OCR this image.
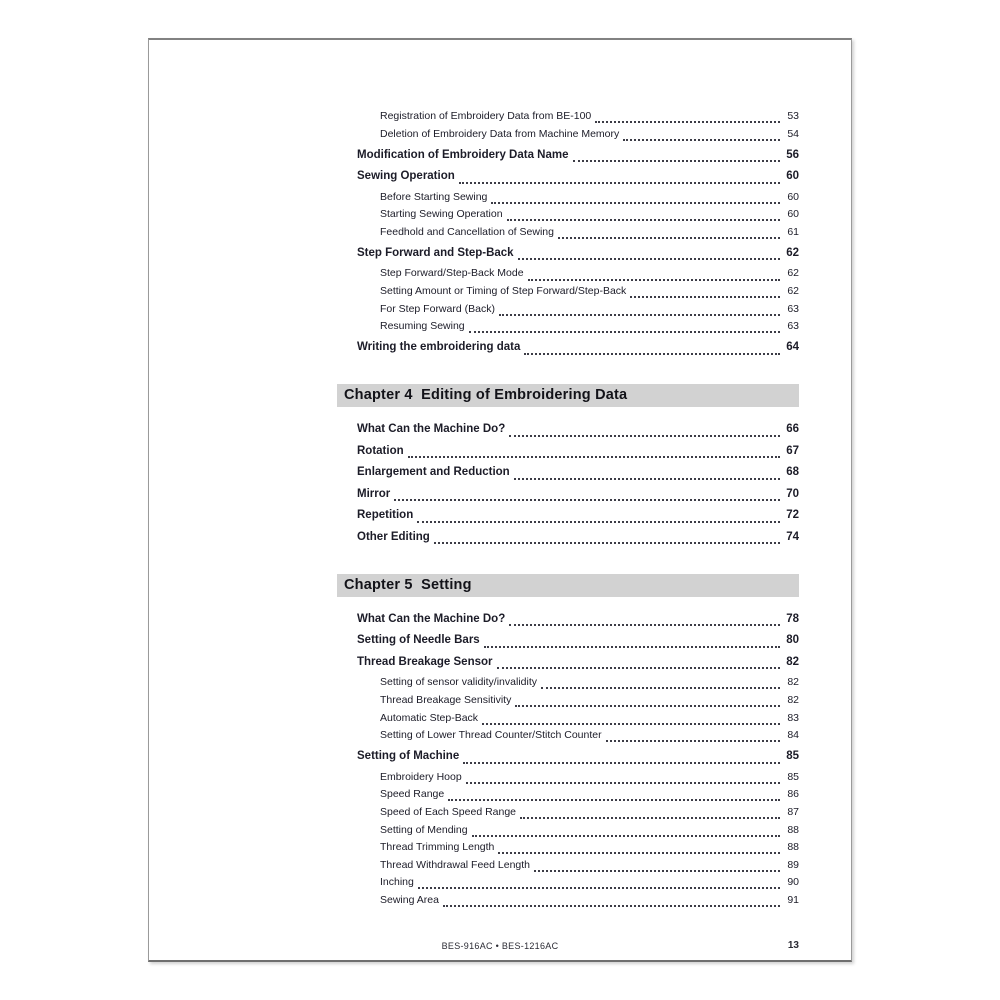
Registration of Embroidery Data from BE-100	53
Deletion of Embroidery Data from Machine Memory	54
Modification of Embroidery Data Name	56
Sewing Operation	60
Before Starting Sewing	60
Starting Sewing Operation	60
Feedhold and Cancellation of Sewing	61
Step Forward and Step-Back	62
Step Forward/Step-Back Mode	62
Setting Amount or Timing of Step Forward/Step-Back	62
For Step Forward (Back)	63
Resuming Sewing	63
Writing the embroidering data	64
Chapter 4  Editing of Embroidering Data
What Can the Machine Do?	66
Rotation	67
Enlargement and Reduction	68
Mirror	70
Repetition	72
Other Editing	74
Chapter 5  Setting
What Can the Machine Do?	78
Setting of Needle Bars	80
Thread Breakage Sensor	82
Setting of sensor validity/invalidity	82
Thread Breakage Sensitivity	82
Automatic Step-Back	83
Setting of Lower Thread Counter/Stitch Counter	84
Setting of Machine	85
Embroidery Hoop	85
Speed Range	86
Speed of Each Speed Range	87
Setting of Mending	88
Thread Trimming Length	88
Thread Withdrawal Feed Length	89
Inching	90
Sewing Area	91
BES-916AC • BES-1216AC	13
